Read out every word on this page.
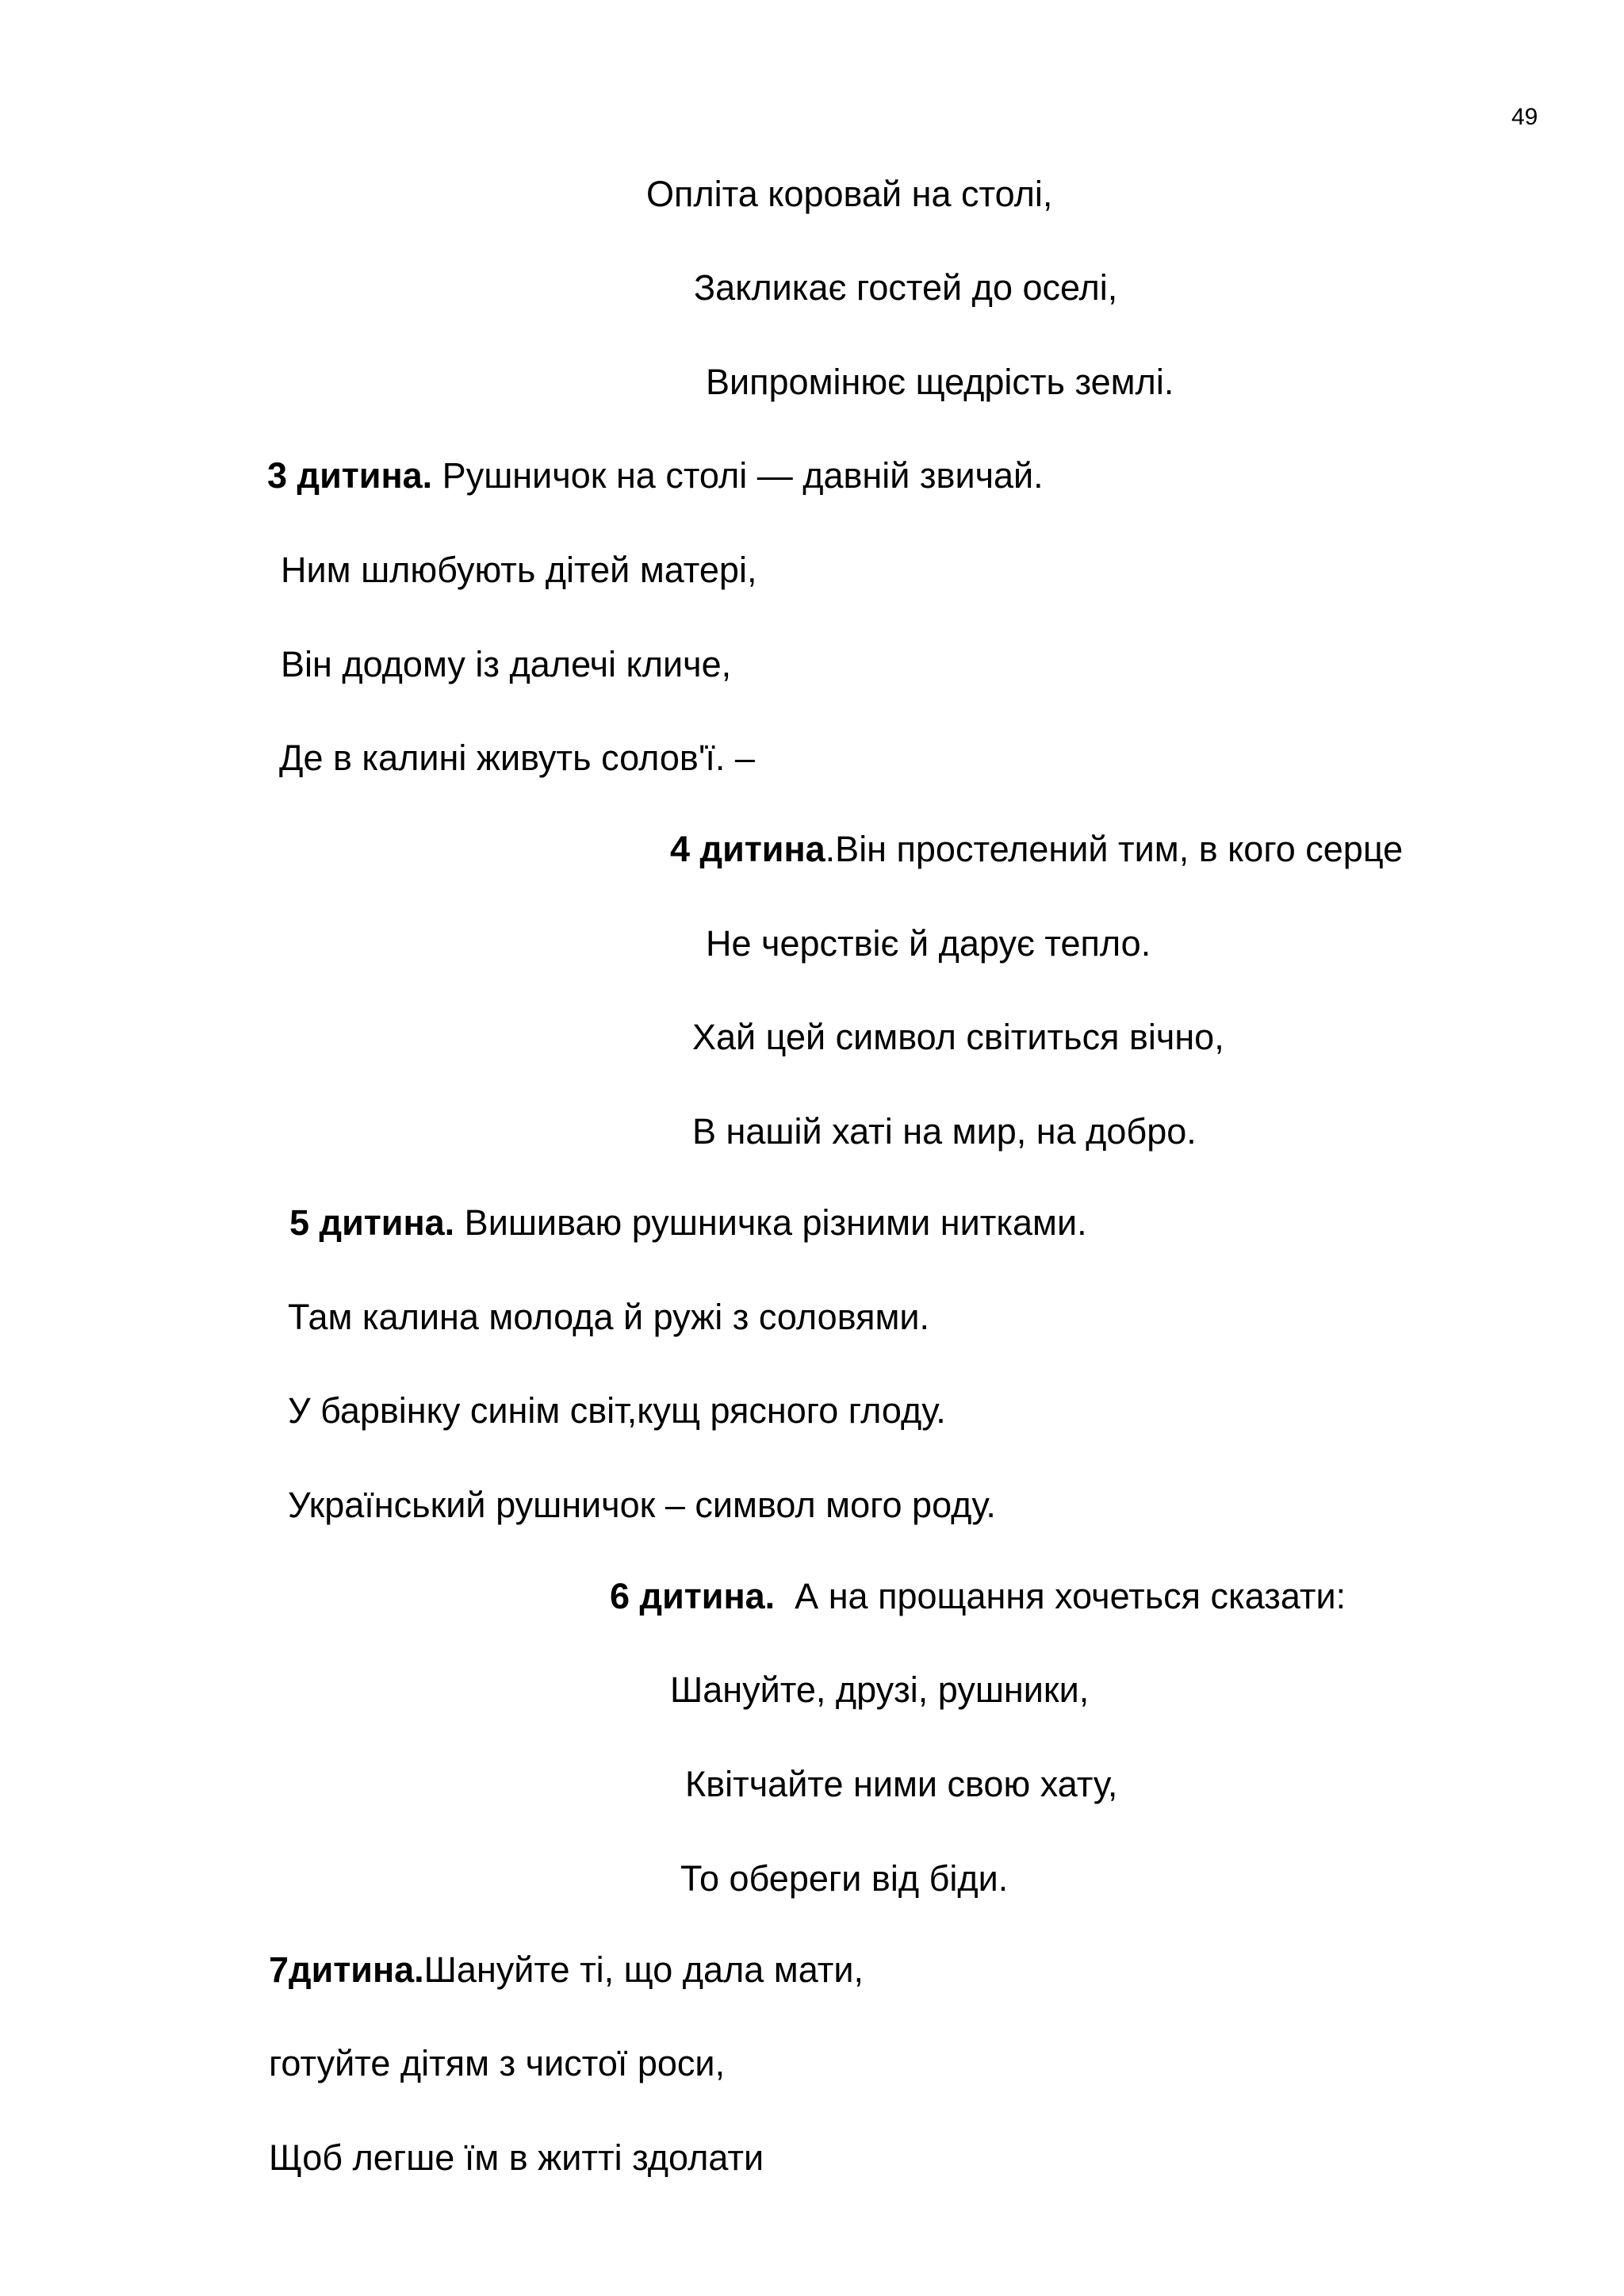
49
Опліта коровай на столі,
Закликає гостей до оселі,
Випромінює щедрість землі.
3 дитина. Рушничок на столі — давній звичай.
Ним шлюбують дітей матері,
Він додому із далечі кличе,
Де в калині живуть солов'ї. –
4 дитина.Він простелений тим, в кого серце
Не черствіє й дарує тепло.
Хай цей символ світиться вічно,
В нашій хаті на мир, на добро.
5 дитина. Вишиваю рушничка різними нитками.
Там калина молода й ружі з соловями.
У барвінку синім світ,кущ рясного глоду.
Український рушничок – символ мого роду.
6 дитина.  А на прощання хочеться сказати:
Шануйте, друзі, рушники,
Квітчайте ними свою хату,
То обереги від біди.
7дитина.Шануйте ті, що дала мати,
готуйте дітям з чистої роси,
Щоб легше їм в житті здолати
